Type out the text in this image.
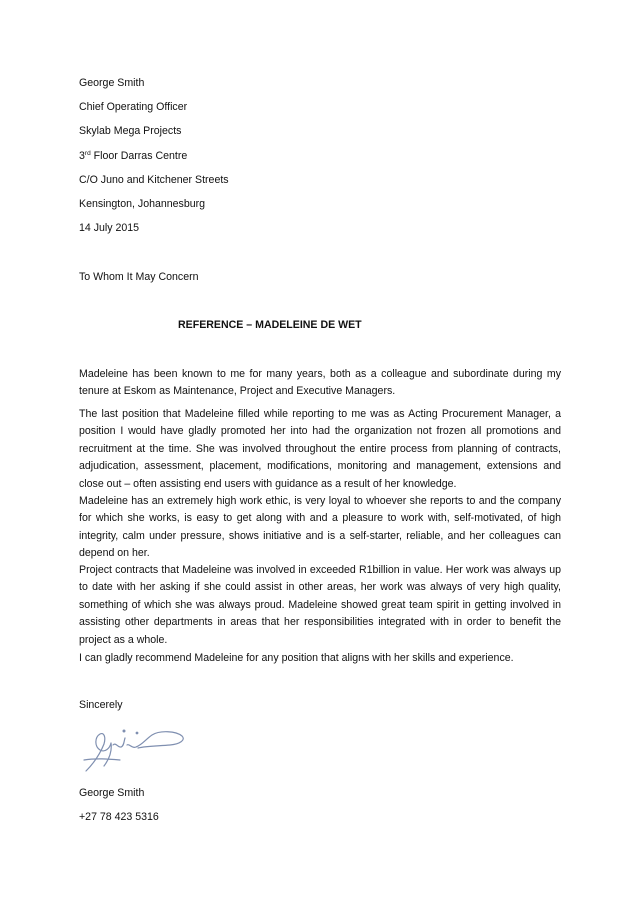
George Smith
Chief Operating Officer
Skylab Mega Projects
3rd Floor Darras Centre
C/O Juno and Kitchener Streets
Kensington, Johannesburg
14 July 2015
To Whom It May Concern
REFERENCE – MADELEINE DE WET

Madeleine has been known to me for many years, both as a colleague and subordinate during my tenure at Eskom as Maintenance, Project and Executive Managers.

The last position that Madeleine filled while reporting to me was as Acting Procurement Manager, a position I would have gladly promoted her into had the organization not frozen all promotions and recruitment at the time. She was involved throughout the entire process from planning of contracts, adjudication, assessment, placement, modifications, monitoring and management, extensions and close out – often assisting end users with guidance as a result of her knowledge.

Madeleine has an extremely high work ethic, is very loyal to whoever she reports to and the company for which she works, is easy to get along with and a pleasure to work with, self-motivated, of high integrity, calm under pressure, shows initiative and is a self-starter, reliable, and her colleagues can depend on her.

Project contracts that Madeleine was involved in exceeded R1billion in value. Her work was always up to date with her asking if she could assist in other areas, her work was always of very high quality, something of which she was always proud. Madeleine showed great team spirit in getting involved in assisting other departments in areas that her responsibilities integrated with in order to benefit the project as a whole.

I can gladly recommend Madeleine for any position that aligns with her skills and experience.

Sincerely
George Smith
+27 78 423 5316
